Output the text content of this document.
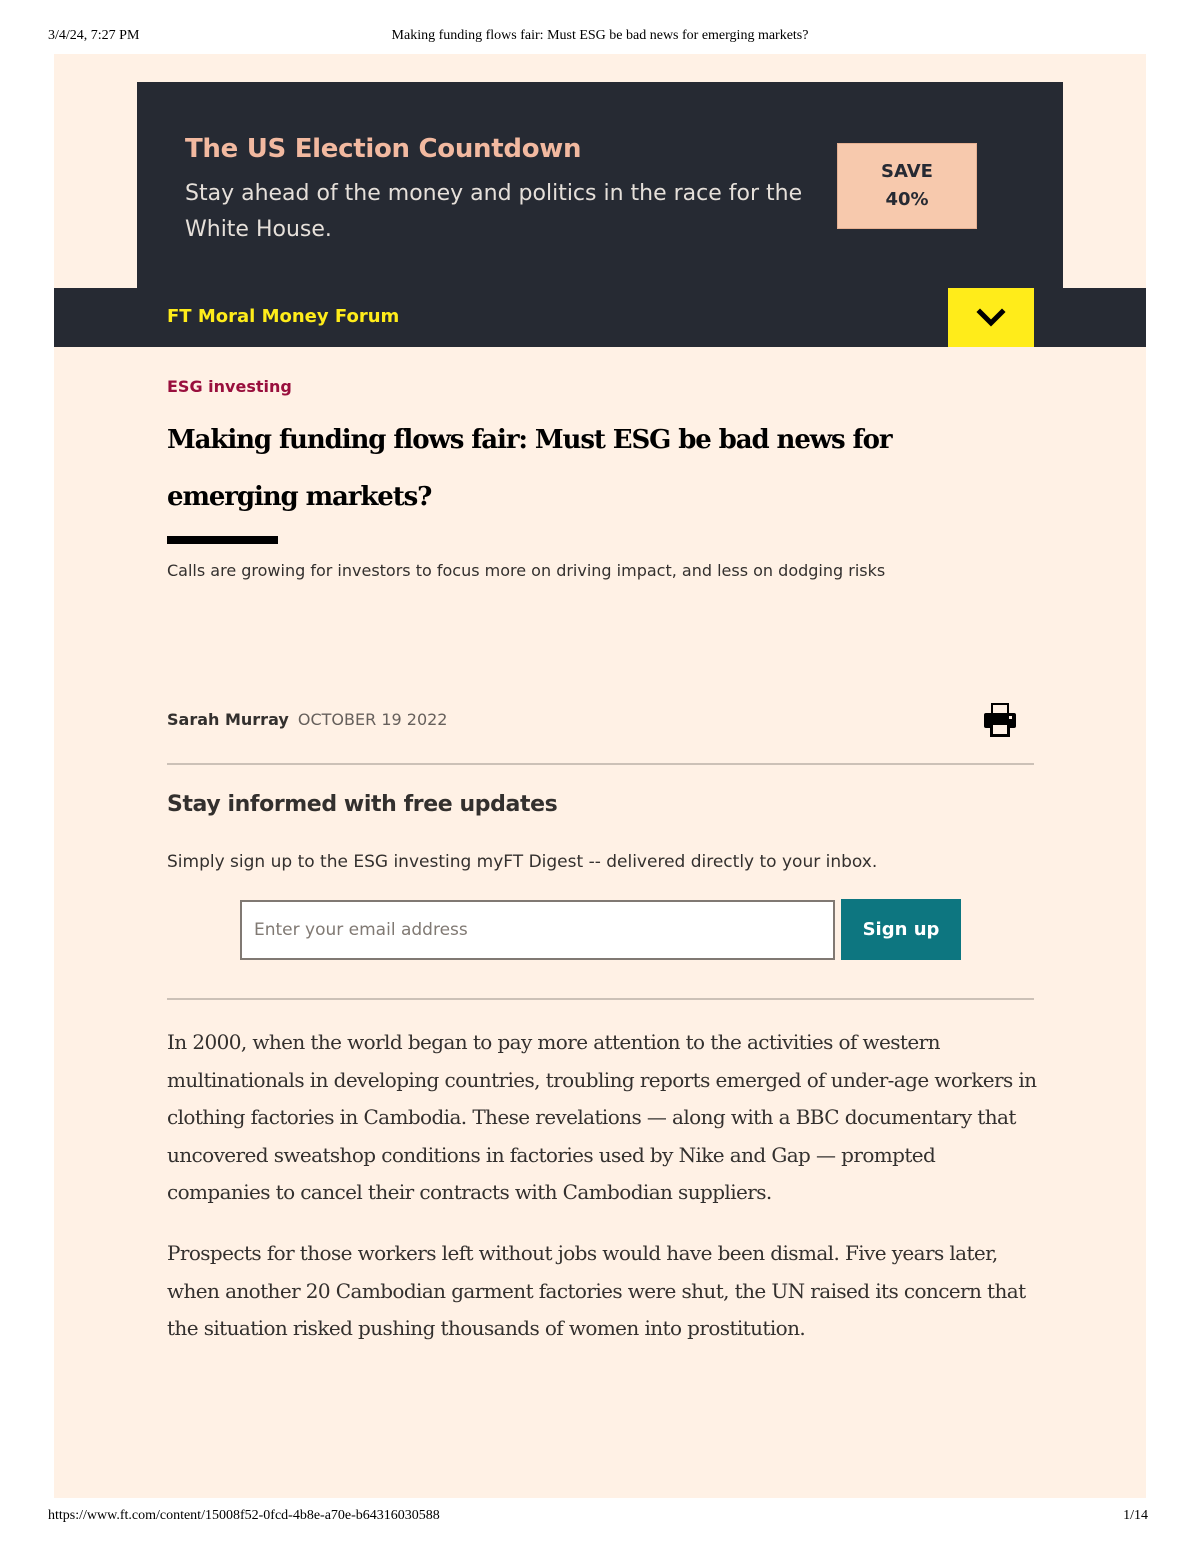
3/4/24, 7:27 PM	Making funding flows fair: Must ESG be bad news for emerging markets?
The US Election Countdown
Stay ahead of the money and politics in the race for the White House.
SAVE
40%
FT Moral Money Forum
ESG investing
Making funding flows fair: Must ESG be bad news for emerging markets?
Calls are growing for investors to focus more on driving impact, and less on dodging risks
Sarah Murray OCTOBER 19 2022
Stay informed with free updates
Simply sign up to the ESG investing myFT Digest -- delivered directly to your inbox.
Enter your email address
Sign up

In 2000, when the world began to pay more attention to the activities of western multinationals in developing countries, troubling reports emerged of under-age workers in clothing factories in Cambodia. These revelations — along with a BBC documentary that uncovered sweatshop conditions in factories used by Nike and Gap — prompted companies to cancel their contracts with Cambodian suppliers.

Prospects for those workers left without jobs would have been dismal. Five years later, when another 20 Cambodian garment factories were shut, the UN raised its concern that the situation risked pushing thousands of women into prostitution.

https://www.ft.com/content/15008f52-0fcd-4b8e-a70e-b64316030588	1/14
